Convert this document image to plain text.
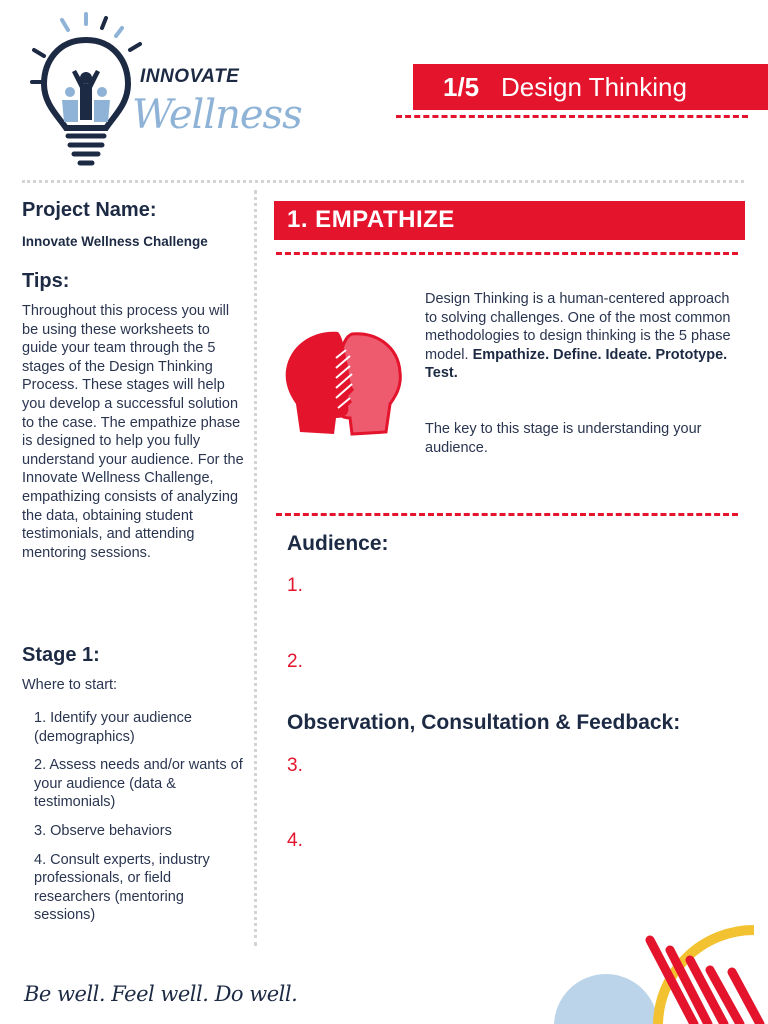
INNOVATE
Wellness
1/5 Design Thinking
Project Name:
Innovate Wellness Challenge
Tips:
Throughout this process you will be using these worksheets to guide your team through the 5 stages of the Design Thinking Process. These stages will help you develop a successful solution to the case. The empathize phase is designed to help you fully understand your audience. For the Innovate Wellness Challenge, empathizing consists of analyzing the data, obtaining student testimonials, and attending mentoring sessions.
Stage 1:
Where to start:
1. Identify your audience (demographics)
2. Assess needs and/or wants of your audience (data & testimonials)
3. Observe behaviors
4. Consult experts, industry professionals, or field researchers (mentoring sessions)
1. EMPATHIZE
Design Thinking is a human-centered approach to solving challenges. One of the most common methodologies to design thinking is the 5 phase model. Empathize. Define. Ideate. Prototype. Test.
The key to this stage is understanding your audience.
Audience:
1.
2.
Observation, Consultation & Feedback:
3.
4.
Be well. Feel well. Do well.
